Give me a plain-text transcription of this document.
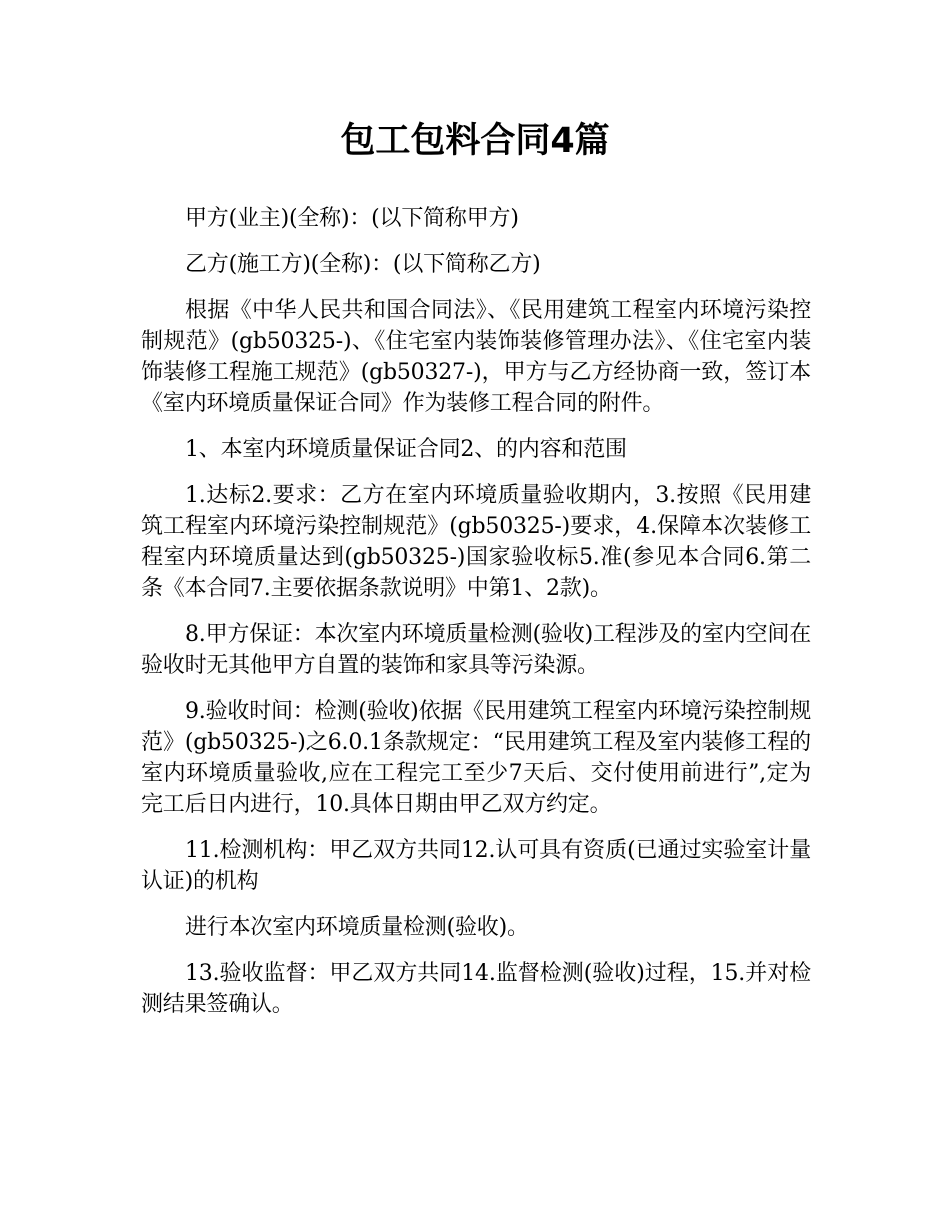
包工包料合同4篇

甲方(业主)(全称)：(以下简称甲方)

乙方(施工方)(全称)：(以下简称乙方)

根据《中华人民共和国合同法》、《民用建筑工程室内环境污染控制规范》(gb50325-)、《住宅室内装饰装修管理办法》、《住宅室内装饰装修工程施工规范》(gb50327-)，甲方与乙方经协商一致，签订本《室内环境质量保证合同》作为装修工程合同的附件。

1、本室内环境质量保证合同2、的内容和范围

1.达标2.要求：乙方在室内环境质量验收期内，3.按照《民用建筑工程室内环境污染控制规范》(gb50325-)要求，4.保障本次装修工程室内环境质量达到(gb50325-)国家验收标5.准(参见本合同6.第二条《本合同7.主要依据条款说明》中第1、2款)。

8.甲方保证：本次室内环境质量检测(验收)工程涉及的室内空间在验收时无其他甲方自置的装饰和家具等污染源。

9.验收时间：检测(验收)依据《民用建筑工程室内环境污染控制规范》(gb50325-)之6.0.1条款规定：“民用建筑工程及室内装修工程的室内环境质量验收,应在工程完工至少7天后、交付使用前进行”,定为完工后日内进行，10.具体日期由甲乙双方约定。

11.检测机构：甲乙双方共同12.认可具有资质(已通过实验室计量认证)的机构

进行本次室内环境质量检测(验收)。

13.验收监督：甲乙双方共同14.监督检测(验收)过程，15.并对检测结果签确认。
